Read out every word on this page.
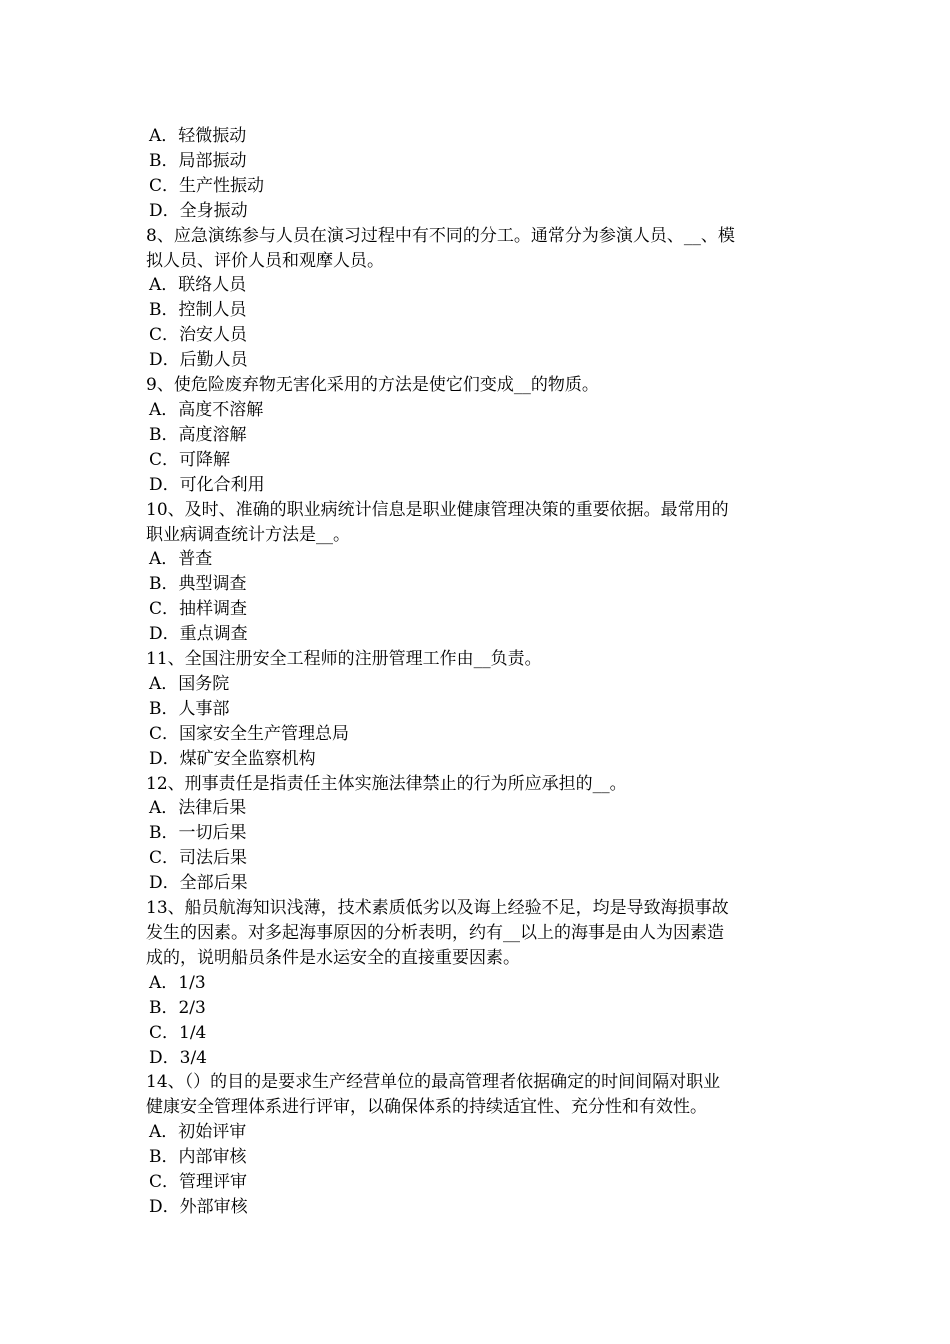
A．轻微振动
B．局部振动
C．生产性振动
D．全身振动
8、应急演练参与人员在演习过程中有不同的分工。通常分为参演人员、__、模
拟人员、评价人员和观摩人员。
A．联络人员
B．控制人员
C．治安人员
D．后勤人员
9、使危险废弃物无害化采用的方法是使它们变成__的物质。
A．高度不溶解
B．高度溶解
C．可降解
D．可化合利用
10、及时、准确的职业病统计信息是职业健康管理决策的重要依据。最常用的
职业病调查统计方法是__。
A．普查
B．典型调查
C．抽样调查
D．重点调查
11、全国注册安全工程师的注册管理工作由__负责。
A．国务院
B．人事部
C．国家安全生产管理总局
D．煤矿安全监察机构
12、刑事责任是指责任主体实施法律禁止的行为所应承担的__。
A．法律后果
B．一切后果
C．司法后果
D．全部后果
13、船员航海知识浅薄，技术素质低劣以及诲上经验不足，均是导致海损事故
发生的因素。对多起海事原因的分析表明，约有__以上的海事是由人为因素造
成的，说明船员条件是水运安全的直接重要因素。
A．1/3
B．2/3
C．1/4
D．3/4
14、（）的目的是要求生产经营单位的最高管理者依据确定的时间间隔对职业
健康安全管理体系进行评审，以确保体系的持续适宜性、充分性和有效性。
A．初始评审
B．内部审核
C．管理评审
D．外部审核
